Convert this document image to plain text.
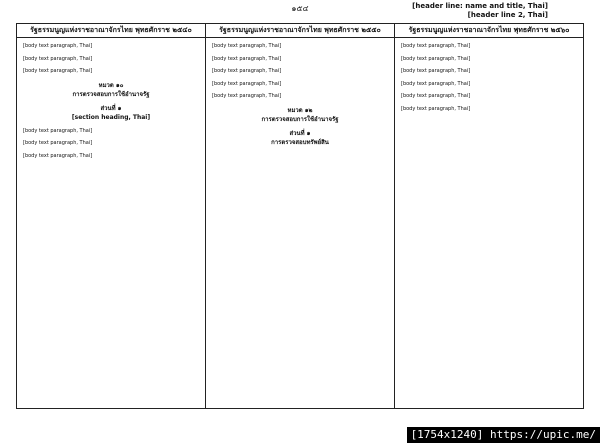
๑๕๔	[header line: name and title, Thai]
[header line 2, Thai]
รัฐธรรมนูญแห่งราชอาณาจักรไทย พุทธศักราช ๒๕๔๐

[body text paragraph, Thai]

[body text paragraph, Thai]

[body text paragraph, Thai]

หมวด ๑๐
การตรวจสอบการใช้อำนาจรัฐ
ส่วนที่ ๑
[section heading, Thai]

[body text paragraph, Thai]

[body text paragraph, Thai]

[body text paragraph, Thai]

รัฐธรรมนูญแห่งราชอาณาจักรไทย พุทธศักราช ๒๕๕๐

[body text paragraph, Thai]

[body text paragraph, Thai]

[body text paragraph, Thai]

[body text paragraph, Thai]

[body text paragraph, Thai]

หมวด ๑๒
การตรวจสอบการใช้อำนาจรัฐ
ส่วนที่ ๑
การตรวจสอบทรัพย์สิน
รัฐธรรมนูญแห่งราชอาณาจักรไทย พุทธศักราช ๒๕๖๐

[body text paragraph, Thai]

[body text paragraph, Thai]

[body text paragraph, Thai]

[body text paragraph, Thai]

[body text paragraph, Thai]

[body text paragraph, Thai]

[1754x1240] https://upic.me/
